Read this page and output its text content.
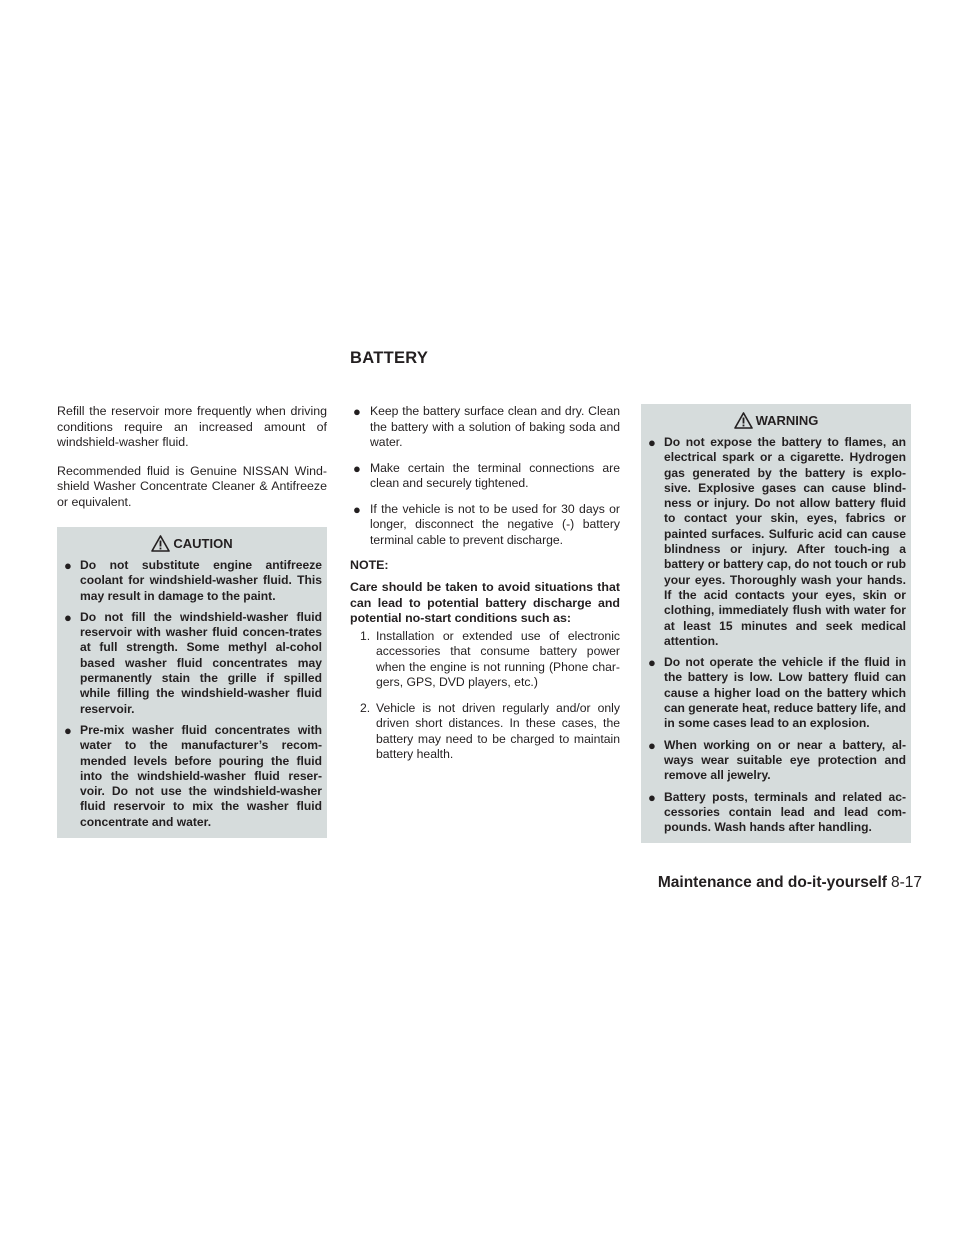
BATTERY

Refill the reservoir more frequently when driving conditions require an increased amount of windshield-washer fluid.

Recommended fluid is Genuine NISSAN Wind-shield Washer Concentrate Cleaner & Antifreeze or equivalent.

CAUTION
● Do not substitute engine antifreeze coolant for windshield-washer fluid. This may result in damage to the paint.
● Do not fill the windshield-washer fluid reservoir with washer fluid concen-trates at full strength. Some methyl al-cohol based washer fluid concentrates may permanently stain the grille if spilled while filling the windshield-washer fluid reservoir.
● Pre-mix washer fluid concentrates with water to the manufacturer’s recom-mended levels before pouring the fluid into the windshield-washer fluid reser-voir. Do not use the windshield-washer fluid reservoir to mix the washer fluid concentrate and water.
● Keep the battery surface clean and dry. Clean the battery with a solution of baking soda and water.
● Make certain the terminal connections are clean and securely tightened.
● If the vehicle is not to be used for 30 days or longer, disconnect the negative (-) battery terminal cable to prevent discharge.
NOTE:

Care should be taken to avoid situations that can lead to potential battery discharge and potential no-start conditions such as:

1. Installation or extended use of electronic accessories that consume battery power when the engine is not running (Phone char-gers, GPS, DVD players, etc.)
2. Vehicle is not driven regularly and/or only driven short distances. In these cases, the battery may need to be charged to maintain battery health.
WARNING
● Do not expose the battery to flames, an electrical spark or a cigarette. Hydrogen gas generated by the battery is explo-sive. Explosive gases can cause blind-ness or injury. Do not allow battery fluid to contact your skin, eyes, fabrics or painted surfaces. Sulfuric acid can cause blindness or injury. After touch-ing a battery or battery cap, do not touch or rub your eyes. Thoroughly wash your hands. If the acid contacts your eyes, skin or clothing, immediately flush with water for at least 15 minutes and seek medical attention.
● Do not operate the vehicle if the fluid in the battery is low. Low battery fluid can cause a higher load on the battery which can generate heat, reduce battery life, and in some cases lead to an explosion.
● When working on or near a battery, al-ways wear suitable eye protection and remove all jewelry.
● Battery posts, terminals and related ac-cessories contain lead and lead com-pounds. Wash hands after handling.
Maintenance and do-it-yourself 8-17
